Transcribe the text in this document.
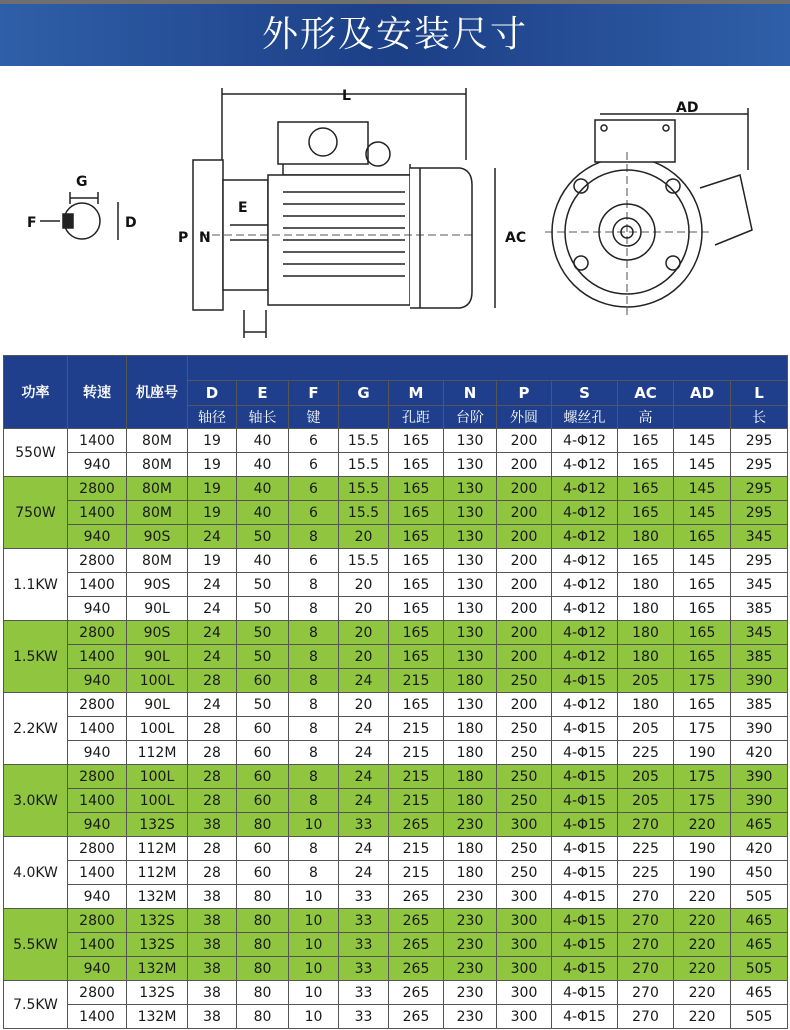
外形及安装尺寸
G
F	D
L
E
P N	AC
AD
功率	转速	机座号											
			D	E	F	G	M	N	P	S	AC	AD	L
			轴径	轴长	键		孔距	台阶	外圆	螺丝孔	高		长
550W	1400	80M	19	40	6	15.5	165	130	200	4-Φ12	165	145	295
	940	80M	19	40	6	15.5	165	130	200	4-Φ12	165	145	295
750W	2800	80M	19	40	6	15.5	165	130	200	4-Φ12	165	145	295
	1400	80M	19	40	6	15.5	165	130	200	4-Φ12	165	145	295
	940	90S	24	50	8	20	165	130	200	4-Φ12	180	165	345
1.1KW	2800	80M	19	40	6	15.5	165	130	200	4-Φ12	165	145	295
	1400	90S	24	50	8	20	165	130	200	4-Φ12	180	165	345
	940	90L	24	50	8	20	165	130	200	4-Φ12	180	165	385
1.5KW	2800	90S	24	50	8	20	165	130	200	4-Φ12	180	165	345
	1400	90L	24	50	8	20	165	130	200	4-Φ12	180	165	385
	940	100L	28	60	8	24	215	180	250	4-Φ15	205	175	390
2.2KW	2800	90L	24	50	8	20	165	130	200	4-Φ12	180	165	385
	1400	100L	28	60	8	24	215	180	250	4-Φ15	205	175	390
	940	112M	28	60	8	24	215	180	250	4-Φ15	225	190	420
3.0KW	2800	100L	28	60	8	24	215	180	250	4-Φ15	205	175	390
	1400	100L	28	60	8	24	215	180	250	4-Φ15	205	175	390
	940	132S	38	80	10	33	265	230	300	4-Φ15	270	220	465
4.0KW	2800	112M	28	60	8	24	215	180	250	4-Φ15	225	190	420
	1400	112M	28	60	8	24	215	180	250	4-Φ15	225	190	450
	940	132M	38	80	10	33	265	230	300	4-Φ15	270	220	505
5.5KW	2800	132S	38	80	10	33	265	230	300	4-Φ15	270	220	465
	1400	132S	38	80	10	33	265	230	300	4-Φ15	270	220	465
	940	132M	38	80	10	33	265	230	300	4-Φ15	270	220	505
7.5KW	2800	132S	38	80	10	33	265	230	300	4-Φ15	270	220	465
	1400	132M	38	80	10	33	265	230	300	4-Φ15	270	220	505
